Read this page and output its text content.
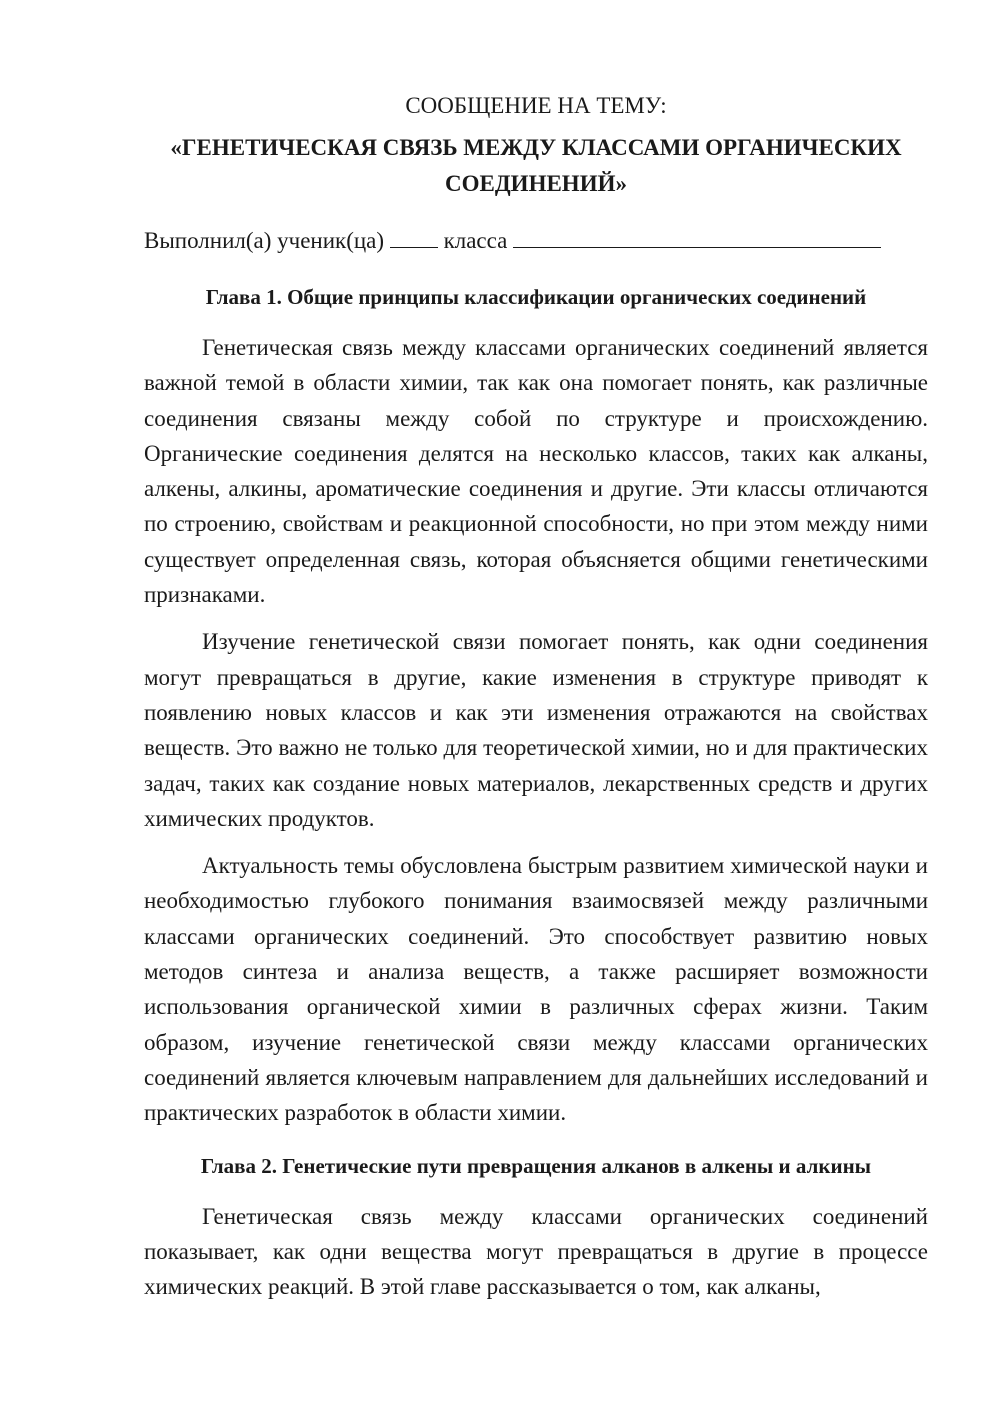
СООБЩЕНИЕ НА ТЕМУ:

«ГЕНЕТИЧЕСКАЯ СВЯЗЬ МЕЖДУ КЛАССАМИ ОРГАНИЧЕСКИХ СОЕДИНЕНИЙ»

Выполнил(а) ученик(ца)	класса

Глава 1. Общие принципы классификации органических соединений

Генетическая связь между классами органических соединений является важной темой в области химии, так как она помогает понять, как различные соединения связаны между собой по структуре и происхождению. Органические соединения делятся на несколько классов, таких как алканы, алкены, алкины, ароматические соединения и другие. Эти классы отличаются по строению, свойствам и реакционной способности, но при этом между ними существует определенная связь, которая объясняется общими генетическими признаками.

Изучение генетической связи помогает понять, как одни соединения могут превращаться в другие, какие изменения в структуре приводят к появлению новых классов и как эти изменения отражаются на свойствах веществ. Это важно не только для теоретической химии, но и для практических задач, таких как создание новых материалов, лекарственных средств и других химических продуктов.

Актуальность темы обусловлена быстрым развитием химической науки и необходимостью глубокого понимания взаимосвязей между различными классами органических соединений. Это способствует развитию новых методов синтеза и анализа веществ, а также расширяет возможности использования органической химии в различных сферах жизни. Таким образом, изучение генетической связи между классами органических соединений является ключевым направлением для дальнейших исследований и практических разработок в области химии.

Глава 2. Генетические пути превращения алканов в алкены и алкины

Генетическая связь между классами органических соединений показывает, как одни вещества могут превращаться в другие в процессе химических реакций. В этой главе рассказывается о том, как алканы,
